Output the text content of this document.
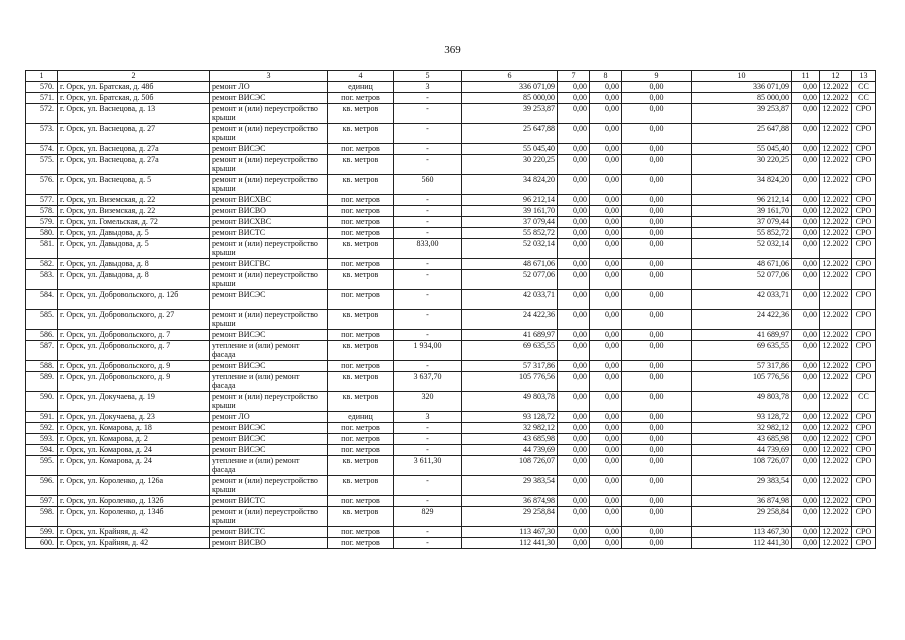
369
1	2	3	4	5	6	7	8	9	10	11	12	13
570.	г. Орск, ул. Братская, д. 48б	ремонт ЛО	единиц	3	336 071,09	0,00	0,00	0,00	336 071,09	0,00	12.2022	СС
571.	г. Орск, ул. Братская, д. 50б	ремонт ВИСЭС	пог. метров	-	85 000,00	0,00	0,00	0,00	85 000,00	0,00	12.2022	СС
572.	г. Орск, ул. Васнецова, д. 13	ремонт и (или) переустройство крыши	кв. метров	-	39 253,87	0,00	0,00	0,00	39 253,87	0,00	12.2022	СРО
573.	г. Орск, ул. Васнецова, д. 27	ремонт и (или) переустройство крыши	кв. метров	-	25 647,88	0,00	0,00	0,00	25 647,88	0,00	12.2022	СРО
574.	г. Орск, ул. Васнецова, д. 27а	ремонт ВИСЭС	пог. метров	-	55 045,40	0,00	0,00	0,00	55 045,40	0,00	12.2022	СРО
575.	г. Орск, ул. Васнецова, д. 27а	ремонт и (или) переустройство крыши	кв. метров	-	30 220,25	0,00	0,00	0,00	30 220,25	0,00	12.2022	СРО
576.	г. Орск, ул. Васнецова, д. 5	ремонт и (или) переустройство крыши	кв. метров	560	34 824,20	0,00	0,00	0,00	34 824,20	0,00	12.2022	СРО
577.	г. Орск, ул. Виземская, д. 22	ремонт ВИСХВС	пог. метров	-	96 212,14	0,00	0,00	0,00	96 212,14	0,00	12.2022	СРО
578.	г. Орск, ул. Виземская, д. 22	ремонт ВИСВО	пог. метров	-	39 161,70	0,00	0,00	0,00	39 161,70	0,00	12.2022	СРО
579.	г. Орск, ул. Гомельская, д. 72	ремонт ВИСХВС	пог. метров	-	37 079,44	0,00	0,00	0,00	37 079,44	0,00	12.2022	СРО
580.	г. Орск, ул. Давыдова, д. 5	ремонт ВИСТС	пог. метров	-	55 852,72	0,00	0,00	0,00	55 852,72	0,00	12.2022	СРО
581.	г. Орск, ул. Давыдова, д. 5	ремонт и (или) переустройство крыши	кв. метров	833,00	52 032,14	0,00	0,00	0,00	52 032,14	0,00	12.2022	СРО
582.	г. Орск, ул. Давыдова, д. 8	ремонт ВИСГВС	пог. метров	-	48 671,06	0,00	0,00	0,00	48 671,06	0,00	12.2022	СРО
583.	г. Орск, ул. Давыдова, д. 8	ремонт и (или) переустройство крыши	кв. метров	-	52 077,06	0,00	0,00	0,00	52 077,06	0,00	12.2022	СРО
584.	г. Орск, ул. Добровольского, д. 12б	ремонт ВИСЭС	пог. метров	-	42 033,71	0,00	0,00	0,00	42 033,71	0,00	12.2022	СРО
585.	г. Орск, ул. Добровольского, д. 27	ремонт и (или) переустройство крыши	кв. метров	-	24 422,36	0,00	0,00	0,00	24 422,36	0,00	12.2022	СРО
586.	г. Орск, ул. Добровольского, д. 7	ремонт ВИСЭС	пог. метров	-	41 689,97	0,00	0,00	0,00	41 689,97	0,00	12.2022	СРО
587.	г. Орск, ул. Добровольского, д. 7	утепление и (или) ремонт фасада	кв. метров	1 934,00	69 635,55	0,00	0,00	0,00	69 635,55	0,00	12.2022	СРО
588.	г. Орск, ул. Добровольского, д. 9	ремонт ВИСЭС	пог. метров	-	57 317,86	0,00	0,00	0,00	57 317,86	0,00	12.2022	СРО
589.	г. Орск, ул. Добровольского, д. 9	утепление и (или) ремонт фасада	кв. метров	3 637,70	105 776,56	0,00	0,00	0,00	105 776,56	0,00	12.2022	СРО
590.	г. Орск, ул. Докучаева, д. 19	ремонт и (или) переустройство крыши	кв. метров	320	49 803,78	0,00	0,00	0,00	49 803,78	0,00	12.2022	СС
591.	г. Орск, ул. Докучаева, д. 23	ремонт ЛО	единиц	3	93 128,72	0,00	0,00	0,00	93 128,72	0,00	12.2022	СРО
592.	г. Орск, ул. Комарова, д. 18	ремонт ВИСЭС	пог. метров	-	32 982,12	0,00	0,00	0,00	32 982,12	0,00	12.2022	СРО
593.	г. Орск, ул. Комарова, д. 2	ремонт ВИСЭС	пог. метров	-	43 685,98	0,00	0,00	0,00	43 685,98	0,00	12.2022	СРО
594.	г. Орск, ул. Комарова, д. 24	ремонт ВИСЭС	пог. метров	-	44 739,69	0,00	0,00	0,00	44 739,69	0,00	12.2022	СРО
595.	г. Орск, ул. Комарова, д. 24	утепление и (или) ремонт фасада	кв. метров	3 611,30	108 726,07	0,00	0,00	0,00	108 726,07	0,00	12.2022	СРО
596.	г. Орск, ул. Короленко, д. 126а	ремонт и (или) переустройство крыши	кв. метров	-	29 383,54	0,00	0,00	0,00	29 383,54	0,00	12.2022	СРО
597.	г. Орск, ул. Короленко, д. 132б	ремонт ВИСТС	пог. метров	-	36 874,98	0,00	0,00	0,00	36 874,98	0,00	12.2022	СРО
598.	г. Орск, ул. Короленко, д. 134б	ремонт и (или) переустройство крыши	кв. метров	829	29 258,84	0,00	0,00	0,00	29 258,84	0,00	12.2022	СРО
599.	г. Орск, ул. Крайняя, д. 42	ремонт ВИСТС	пог. метров	-	113 467,30	0,00	0,00	0,00	113 467,30	0,00	12.2022	СРО
600.	г. Орск, ул. Крайняя, д. 42	ремонт ВИСВО	пог. метров	-	112 441,30	0,00	0,00	0,00	112 441,30	0,00	12.2022	СРО
